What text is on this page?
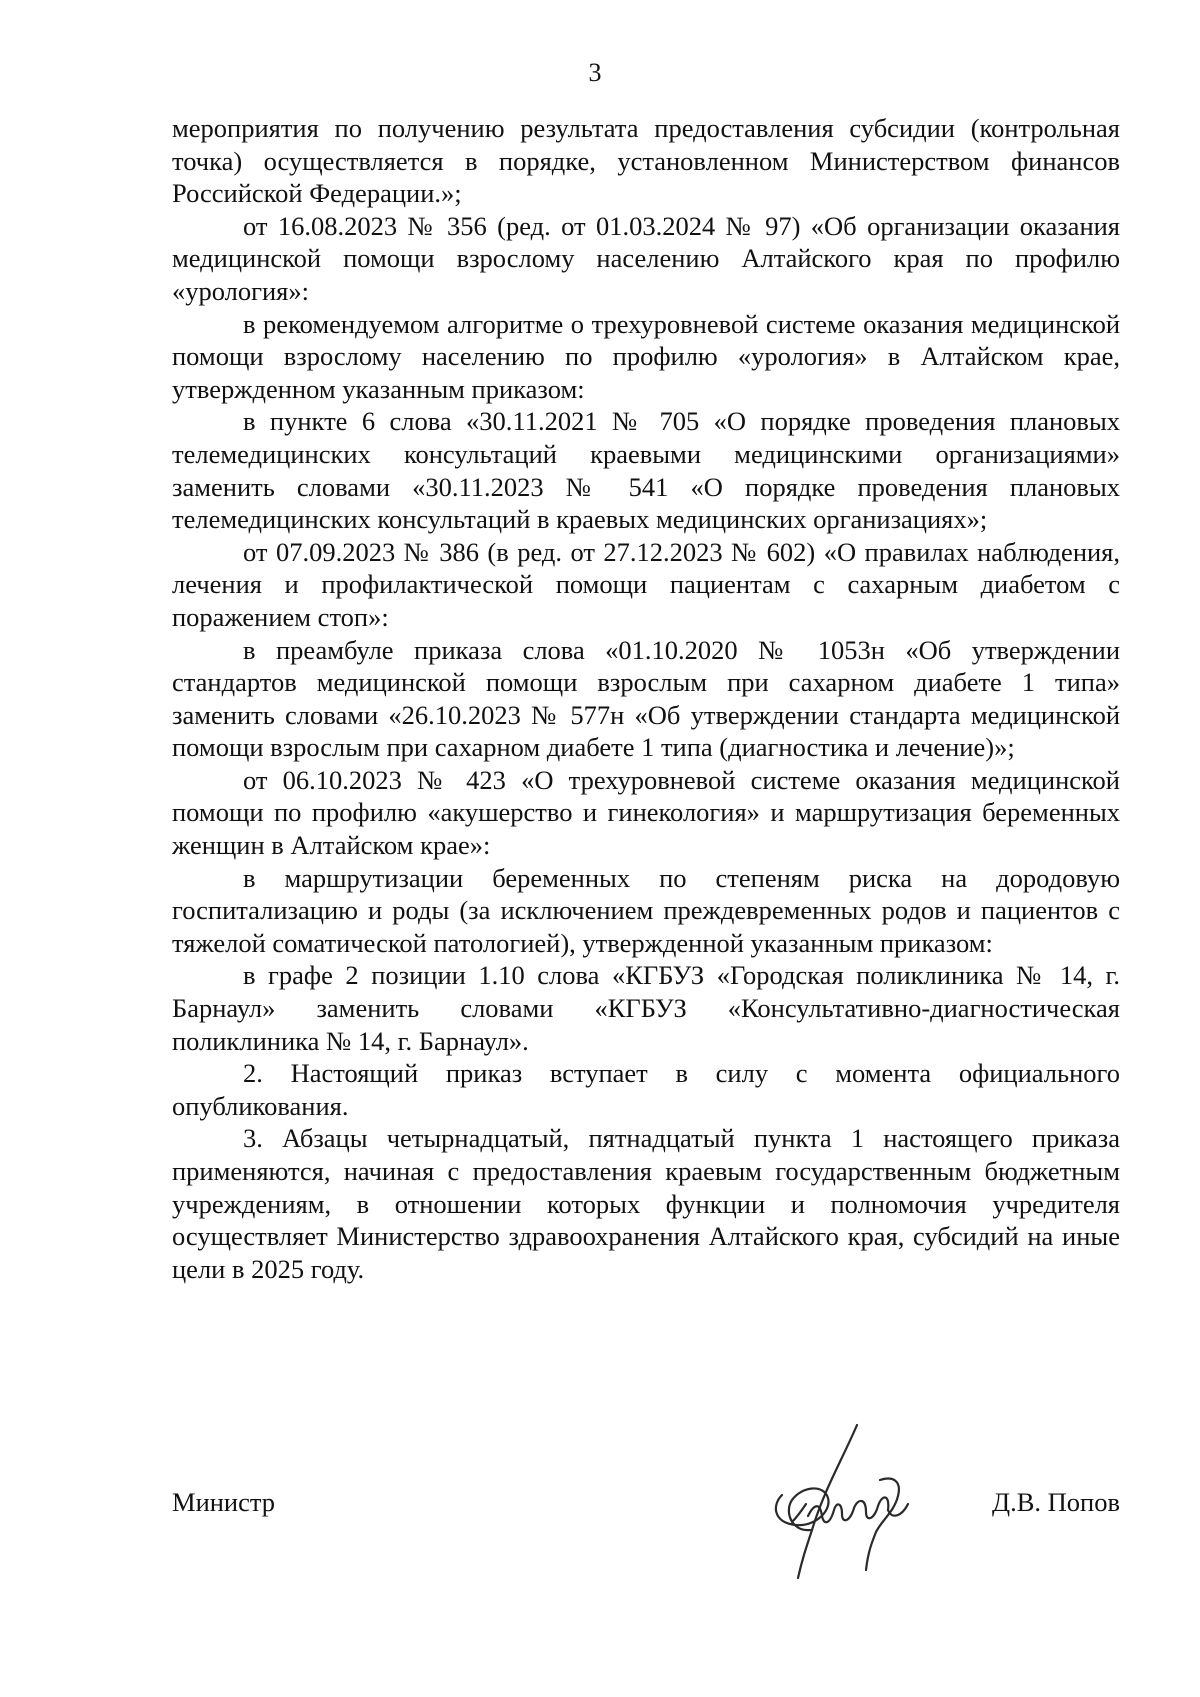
3

мероприятия по получению результата предоставления субсидии (контрольная точка) осуществляется в порядке, установленном Министерством финансов Российской Федерации.»;

от 16.08.2023 № 356 (ред. от 01.03.2024 № 97) «Об организации оказания медицинской помощи взрослому населению Алтайского края по профилю «урология»:

в рекомендуемом алгоритме о трехуровневой системе оказания медицинской помощи взрослому населению по профилю «урология» в Алтайском крае, утвержденном указанным приказом:

в пункте 6 слова «30.11.2021 № 705 «О порядке проведения плановых телемедицинских консультаций краевыми медицинскими организациями» заменить словами «30.11.2023 № 541 «О порядке проведения плановых телемедицинских консультаций в краевых медицинских организациях»;

от 07.09.2023 № 386 (в ред. от 27.12.2023 № 602) «О правилах наблюдения, лечения и профилактической помощи пациентам с сахарным диабетом с поражением стоп»:

в преамбуле приказа слова «01.10.2020 № 1053н «Об утверждении стандартов медицинской помощи взрослым при сахарном диабете 1 типа» заменить словами «26.10.2023 № 577н «Об утверждении стандарта медицинской помощи взрослым при сахарном диабете 1 типа (диагностика и лечение)»;

от 06.10.2023 № 423 «О трехуровневой системе оказания медицинской помощи по профилю «акушерство и гинекология» и маршрутизация беременных женщин в Алтайском крае»:

в маршрутизации беременных по степеням риска на дородовую госпитализацию и роды (за исключением преждевременных родов и пациентов с тяжелой соматической патологией), утвержденной указанным приказом:

в графе 2 позиции 1.10 слова «КГБУЗ «Городская поликлиника № 14, г. Барнаул» заменить словами «КГБУЗ «Консультативно-диагностическая поликлиника № 14, г. Барнаул».

2. Настоящий приказ вступает в силу с момента официального опубликования.

3. Абзацы четырнадцатый, пятнадцатый пункта 1 настоящего приказа применяются, начиная с предоставления краевым государственным бюджетным учреждениям, в отношении которых функции и полномочия учредителя осуществляет Министерство здравоохранения Алтайского края, субсидий на иные цели в 2025 году.

Министр	Д.В. Попов
